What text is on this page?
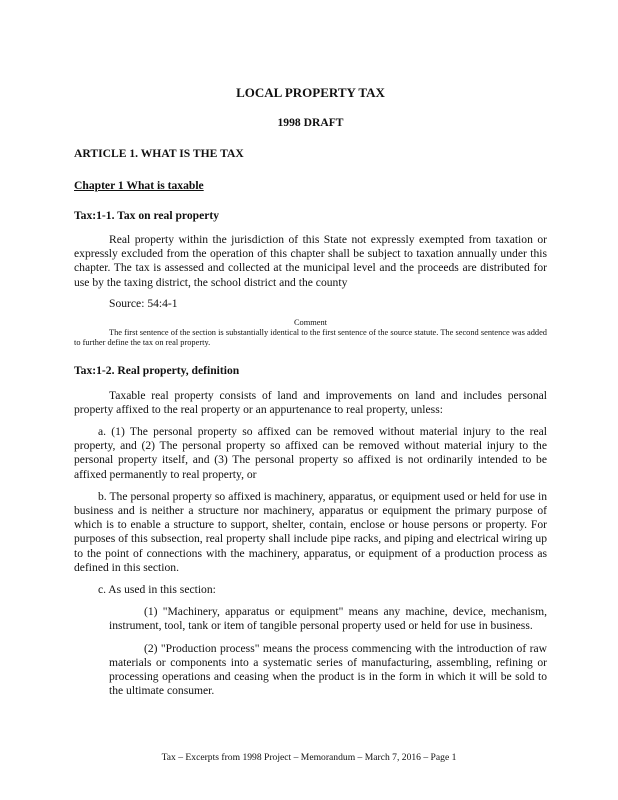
LOCAL PROPERTY TAX

1998 DRAFT

ARTICLE 1. WHAT IS THE TAX

Chapter 1 What is taxable

Tax:1-1. Tax on real property

Real property within the jurisdiction of this State not expressly exempted from taxation or expressly excluded from the operation of this chapter shall be subject to taxation annually under this chapter. The tax is assessed and collected at the municipal level and the proceeds are distributed for use by the taxing district, the school district and the county

Source: 54:4-1

Comment

The first sentence of the section is substantially identical to the first sentence of the source statute. The second sentence was added to further define the tax on real property.

Tax:1-2. Real property, definition

Taxable real property consists of land and improvements on land and includes personal property affixed to the real property or an appurtenance to real property, unless:

a. (1) The personal property so affixed can be removed without material injury to the real property, and (2) The personal property so affixed can be removed without material injury to the personal property itself, and (3) The personal property so affixed is not ordinarily intended to be affixed permanently to real property, or

b. The personal property so affixed is machinery, apparatus, or equipment used or held for use in business and is neither a structure nor machinery, apparatus or equipment the primary purpose of which is to enable a structure to support, shelter, contain, enclose or house persons or property. For purposes of this subsection, real property shall include pipe racks, and piping and electrical wiring up to the point of connections with the machinery, apparatus, or equipment of a production process as defined in this section.

c. As used in this section:

(1) "Machinery, apparatus or equipment" means any machine, device, mechanism, instrument, tool, tank or item of tangible personal property used or held for use in business.

(2) "Production process" means the process commencing with the introduction of raw materials or components into a systematic series of manufacturing, assembling, refining or processing operations and ceasing when the product is in the form in which it will be sold to the ultimate consumer.

Tax – Excerpts from 1998 Project – Memorandum – March 7, 2016 – Page 1
